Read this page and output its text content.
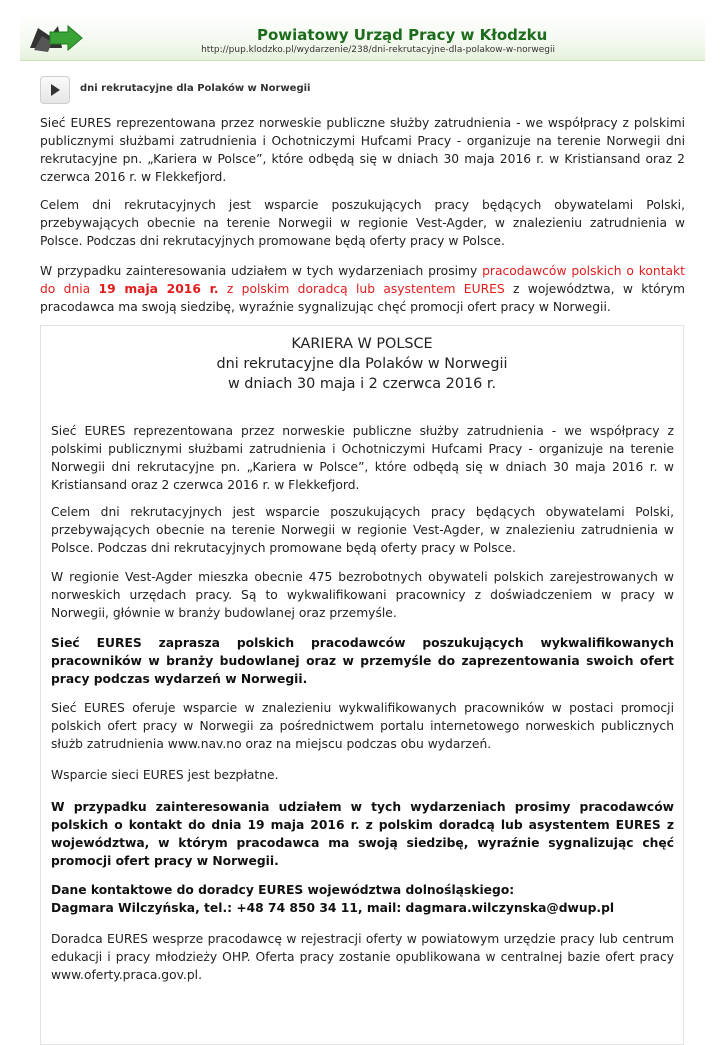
Powiatowy Urząd Pracy w Kłodzku
http://pup.klodzko.pl/wydarzenie/238/dni-rekrutacyjne-dla-polakow-w-norwegii
dni rekrutacyjne dla Polaków w Norwegii
Sieć EURES reprezentowana przez norweskie publiczne służby zatrudnienia - we współpracy z polskimi publicznymi służbami zatrudnienia i Ochotniczymi Hufcami Pracy - organizuje na terenie Norwegii dni rekrutacyjne pn. „Kariera w Polsce”, które odbędą się w dniach 30 maja 2016 r. w Kristiansand oraz 2 czerwca 2016 r. w Flekkefjord.
Celem dni rekrutacyjnych jest wsparcie poszukujących pracy będących obywatelami Polski, przebywających obecnie na terenie Norwegii w regionie Vest-Agder, w znalezieniu zatrudnienia w Polsce. Podczas dni rekrutacyjnych promowane będą oferty pracy w Polsce.
W przypadku zainteresowania udziałem w tych wydarzeniach prosimy pracodawców polskich o kontakt do dnia 19 maja 2016 r. z polskim doradcą lub asystentem EURES z województwa, w którym pracodawca ma swoją siedzibę, wyraźnie sygnalizując chęć promocji ofert pracy w Norwegii.
KARIERA W POLSCE
dni rekrutacyjne dla Polaków w Norwegii
w dniach 30 maja i 2 czerwca 2016 r.
Sieć EURES reprezentowana przez norweskie publiczne służby zatrudnienia - we współpracy z polskimi publicznymi służbami zatrudnienia i Ochotniczymi Hufcami Pracy - organizuje na terenie Norwegii dni rekrutacyjne pn. „Kariera w Polsce”, które odbędą się w dniach 30 maja 2016 r. w Kristiansand oraz 2 czerwca 2016 r. w Flekkefjord.
Celem dni rekrutacyjnych jest wsparcie poszukujących pracy będących obywatelami Polski, przebywających obecnie na terenie Norwegii w regionie Vest-Agder, w znalezieniu zatrudnienia w Polsce. Podczas dni rekrutacyjnych promowane będą oferty pracy w Polsce.
W regionie Vest-Agder mieszka obecnie 475 bezrobotnych obywateli polskich zarejestrowanych w norweskich urzędach pracy. Są to wykwalifikowani pracownicy z doświadczeniem w pracy w Norwegii, głównie w branży budowlanej oraz przemyśle.
Sieć EURES zaprasza polskich pracodawców poszukujących wykwalifikowanych pracowników w branży budowlanej oraz w przemyśle do zaprezentowania swoich ofert pracy podczas wydarzeń w Norwegii.
Sieć EURES oferuje wsparcie w znalezieniu wykwalifikowanych pracowników w postaci promocji polskich ofert pracy w Norwegii za pośrednictwem portalu internetowego norweskich publicznych służb zatrudnienia www.nav.no oraz na miejscu podczas obu wydarzeń.
Wsparcie sieci EURES jest bezpłatne.
W przypadku zainteresowania udziałem w tych wydarzeniach prosimy pracodawców polskich o kontakt do dnia 19 maja 2016 r. z polskim doradcą lub asystentem EURES z województwa, w którym pracodawca ma swoją siedzibę, wyraźnie sygnalizując chęć promocji ofert pracy w Norwegii.
Dane kontaktowe do doradcy EURES województwa dolnośląskiego:
Dagmara Wilczyńska, tel.: +48 74 850 34 11, mail: dagmara.wilczynska@dwup.pl
Doradca EURES wesprze pracodawcę w rejestracji oferty w powiatowym urzędzie pracy lub centrum edukacji i pracy młodzieży OHP. Oferta pracy zostanie opublikowana w centralnej bazie ofert pracy www.oferty.praca.gov.pl.
